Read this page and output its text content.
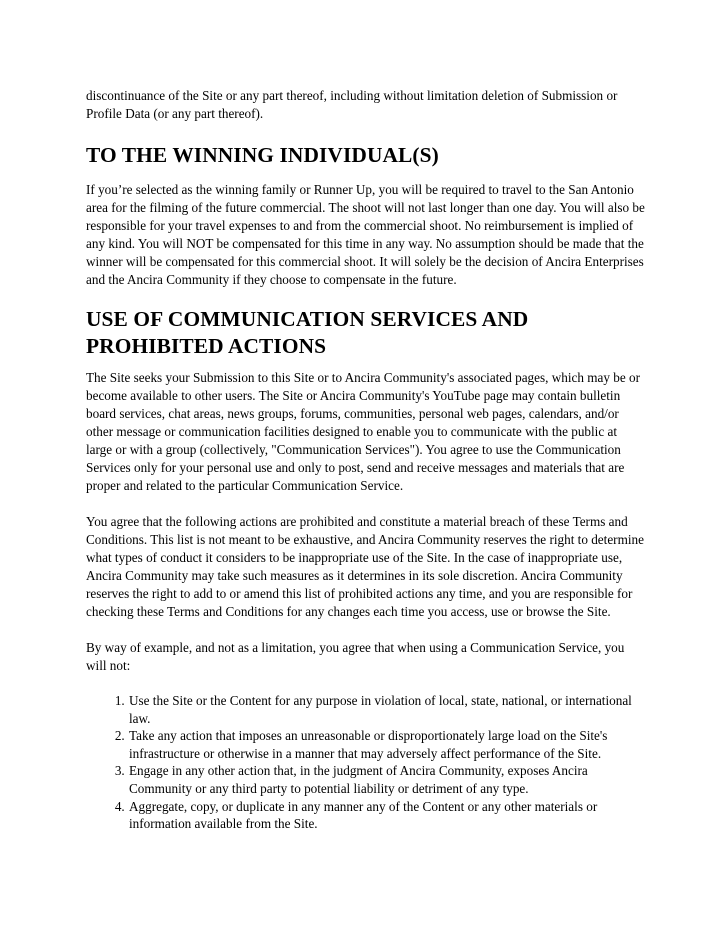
discontinuance of the Site or any part thereof, including without limitation deletion of Submission or Profile Data (or any part thereof).

TO THE WINNING INDIVIDUAL(S)

If you’re selected as the winning family or Runner Up, you will be required to travel to the San Antonio area for the filming of the future commercial. The shoot will not last longer than one day. You will also be responsible for your travel expenses to and from the commercial shoot. No reimbursement is implied of any kind. You will NOT be compensated for this time in any way. No assumption should be made that the winner will be compensated for this commercial shoot. It will solely be the decision of Ancira Enterprises and the Ancira Community if they choose to compensate in the future.

USE OF COMMUNICATION SERVICES AND PROHIBITED ACTIONS

The Site seeks your Submission to this Site or to Ancira Community's associated pages, which may be or become available to other users. The Site or Ancira Community's YouTube page may contain bulletin board services, chat areas, news groups, forums, communities, personal web pages, calendars, and/or other message or communication facilities designed to enable you to communicate with the public at large or with a group (collectively, "Communication Services"). You agree to use the Communication Services only for your personal use and only to post, send and receive messages and materials that are proper and related to the particular Communication Service.

You agree that the following actions are prohibited and constitute a material breach of these Terms and Conditions. This list is not meant to be exhaustive, and Ancira Community reserves the right to determine what types of conduct it considers to be inappropriate use of the Site. In the case of inappropriate use, Ancira Community may take such measures as it determines in its sole discretion. Ancira Community reserves the right to add to or amend this list of prohibited actions any time, and you are responsible for checking these Terms and Conditions for any changes each time you access, use or browse the Site.

By way of example, and not as a limitation, you agree that when using a Communication Service, you will not:

1. Use the Site or the Content for any purpose in violation of local, state, national, or international law.
2. Take any action that imposes an unreasonable or disproportionately large load on the Site's infrastructure or otherwise in a manner that may adversely affect performance of the Site.
3. Engage in any other action that, in the judgment of Ancira Community, exposes Ancira Community or any third party to potential liability or detriment of any type.
4. Aggregate, copy, or duplicate in any manner any of the Content or any other materials or information available from the Site.
